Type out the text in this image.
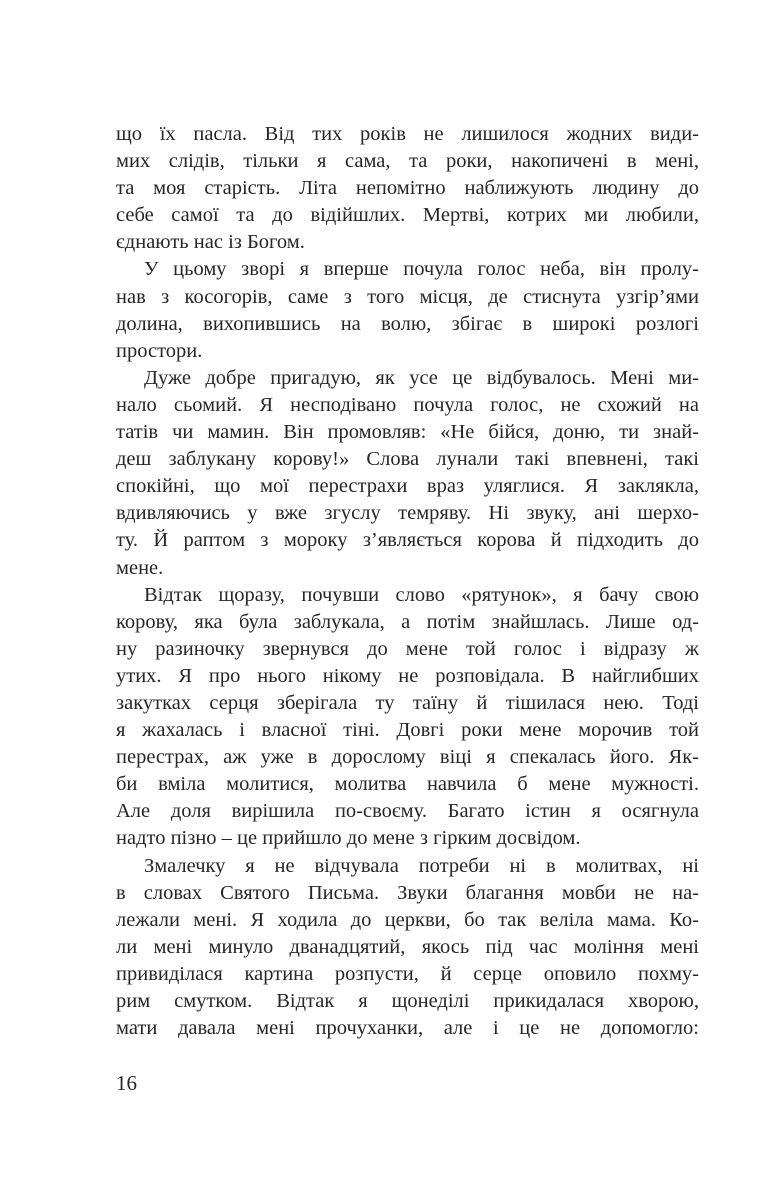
що їх пасла. Від тих років не лишилося жодних види-
мих слідів, тільки я сама, та роки, накопичені в мені,
та моя старість. Літа непомітно наближують людину до
себе самої та до відійшлих. Мертві, котрих ми любили,
єднають нас із Богом.
У цьому зворі я вперше почула голос неба, він пролу-
нав з косогорів, саме з того місця, де стиснута узгір’ями
долина, вихопившись на волю, збігає в широкі розлогі
простори.
Дуже добре пригадую, як усе це відбувалось. Мені ми-
нало сьомий. Я несподівано почула голос, не схожий на
татів чи мамин. Він промовляв: «Не бійся, доню, ти знай-
деш заблукану корову!» Слова лунали такі впевнені, такі
спокійні, що мої перестрахи враз уляглися. Я заклякла,
вдивляючись у вже згуслу темряву. Ні звуку, ані шерхо-
ту. Й раптом з мороку з’являється корова й підходить до
мене.
Відтак щоразу, почувши слово «рятунок», я бачу свою
корову, яка була заблукала, а потім знайшлась. Лише од-
ну разиночку звернувся до мене той голос і відразу ж
утих. Я про нього нікому не розповідала. В найглибших
закутках серця зберігала ту таїну й тішилася нею. Тоді
я жахалась і власної тіні. Довгі роки мене морочив той
перестрах, аж уже в дорослому віці я спекалась його. Як-
би вміла молитися, молитва навчила б мене мужності.
Але доля вирішила по-своєму. Багато істин я осягнула
надто пізно – це прийшло до мене з гірким досвідом.
Змалечку я не відчувала потреби ні в молитвах, ні
в словах Святого Письма. Звуки благання мовби не на-
лежали мені. Я ходила до церкви, бо так веліла мама. Ко-
ли мені минуло дванадцятий, якось під час моління мені
привиділася картина розпусти, й серце оповило похму-
рим смутком. Відтак я щонеділі прикидалася хворою,
мати давала мені прочуханки, але і це не допомогло:
16
